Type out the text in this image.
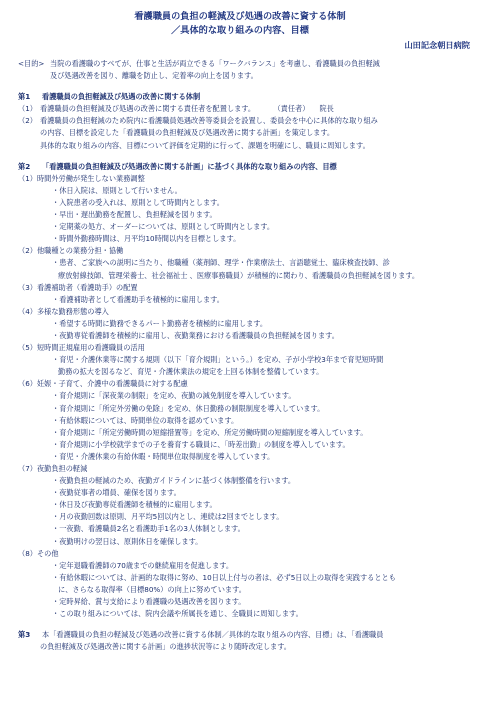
看護職員の負担の軽減及び処遇の改善に資する体制
／具体的な取り組みの内容、目標
山田記念朝日病院
<目的> 当院の看護職のすべてが、仕事と生活が両立できる「ワークバランス」を考慮し、看護職員の負担軽減
及び処遇改善を図り、離職を防止し、定着率の向上を図ります。
第1 看護職員の負担軽減及び処遇の改善に関する体制
（1） 看護職員の負担軽減及び処遇の改善に関する責任者を配置します。	（責任者） 院長
（2） 看護職員の負担軽減のため院内に看護職員処遇改善等委員会を設置し、委員会を中心に具体的な取り組み
の内容、目標を設定した「看護職員の負担軽減及び処遇改善に関する計画」を策定します。
具体的な取り組みの内容、目標について評価を定期的に行って、課題を明確にし、職員に周知します。
第2 「看護職員の負担軽減及び処遇改善に関する計画」に基づく具体的な取り組みの内容、目標
（1）時間外労働が発生しない業務調整
・休日入院は、原則として行いません。
・入院患者の受入れは、原則として時間内とします。
・早出・遅出勤務を配置し、負担軽減を図ります。
・定期薬の処方、オーダーについては、原則として時間内とします。
・時間外勤務時間は、月平均10時間以内を目標とします。
（2）他職種との業務分担・協働
・患者、ご家族への説明に当たり、他職種（薬剤師、理学・作業療法士、言語聴覚士、臨床検査技師、診
療放射線技師、管理栄養士、社会福祉士 、医療事務職員）が積極的に関わり、看護職員の負担軽減を図ります。
（3）看護補助者（看護助手）の配置
・看護補助者として看護助手を積極的に雇用します。
（4）多様な勤務形態の導入
・希望する時間に勤務できるパート勤務者を積極的に雇用します。
・夜勤専従看護師を積極的に雇用し、夜勤業務における看護職員の負担軽減を図ります。
（5）短時間正規雇用の看護職員の活用
・育児・介護休業等に関する規則（以下「育介規則」という。）を定め、子が小学校3年まで育児短時間
勤務の拡大を図るなど、育児・介護休業法の規定を上回る体制を整備しています。
（6）妊娠・子育て、介護中の看護職員に対する配慮
・育介規則に「深夜業の制限」を定め、夜勤の減免制度を導入しています。
・育介規則に「所定外労働の免除」を定め、休日勤務の制限制度を導入しています。
・有給休暇については、時間単位の取得を認めています。
・育介規則に「所定労働時間の短縮措置等」を定め、所定労働時間の短縮制度を導入しています。
・育介規則に小学校就学までの子を養育する職員に、「時差出勤」の制度を導入しています。
・育児・介護休業の有給休暇・時間単位取得制度を導入しています。
（7）夜勤負担の軽減
・夜勤負担の軽減のため、夜勤ガイドラインに基づく体制整備を行います。
・夜勤従事者の増員、確保を図ります。
・休日及び夜勤専従看護師を積極的に雇用します。
・月の夜勤回数は原則、月平均5回以内とし、連続は2回までとします。
・一夜勤、看護職員2名と看護助手1名の3人体制とします。
・夜勤明けの翌日は、原則休日を確保します。
（8）その他
・定年退職看護師の70歳までの継続雇用を促進します。
・有給休暇については、計画的な取得に努め、10日以上付与の者は、必ず5日以上の取得を実践するととも
に、さらなる取得率（目標80%）の向上に努めています。
・定時昇給、賞与支給により看護職の処遇改善を図ります。
・この取り組みについては、院内会議や所属長を通じ、全職員に周知します。
第3 本「看護職員の負担の軽減及び処遇の改善に資する体制／具体的な取り組みの内容、目標」は、「看護職員
の負担軽減及び処遇改善に関する計画」の進捗状況等により随時改定します。
